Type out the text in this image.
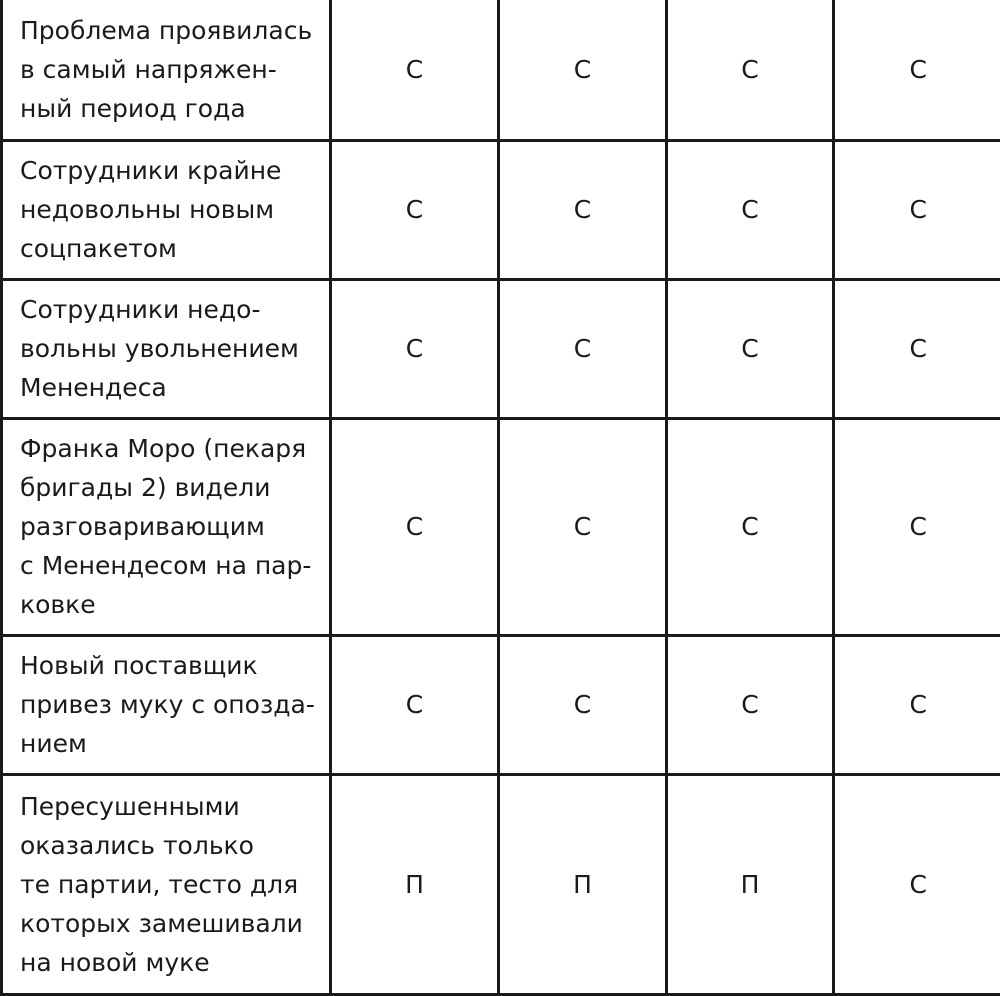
Проблема проявилась
в самый напряжен-
ный период года	С	С	С	С

Сотрудники крайне
недовольны новым
соцпакетом	С	С	С	С

Сотрудники недо-
вольны увольнением
Менендеса	С	С	С	С

Франка Моро (пекаря
бригады 2) видели
разговаривающим
с Менендесом на пар-
ковке	С	С	С	С

Новый поставщик
привез муку с опозда-
нием	С	С	С	С

Пересушенными
оказались только
те партии, тесто для
которых замешивали
на новой муке	П	П	П	С
